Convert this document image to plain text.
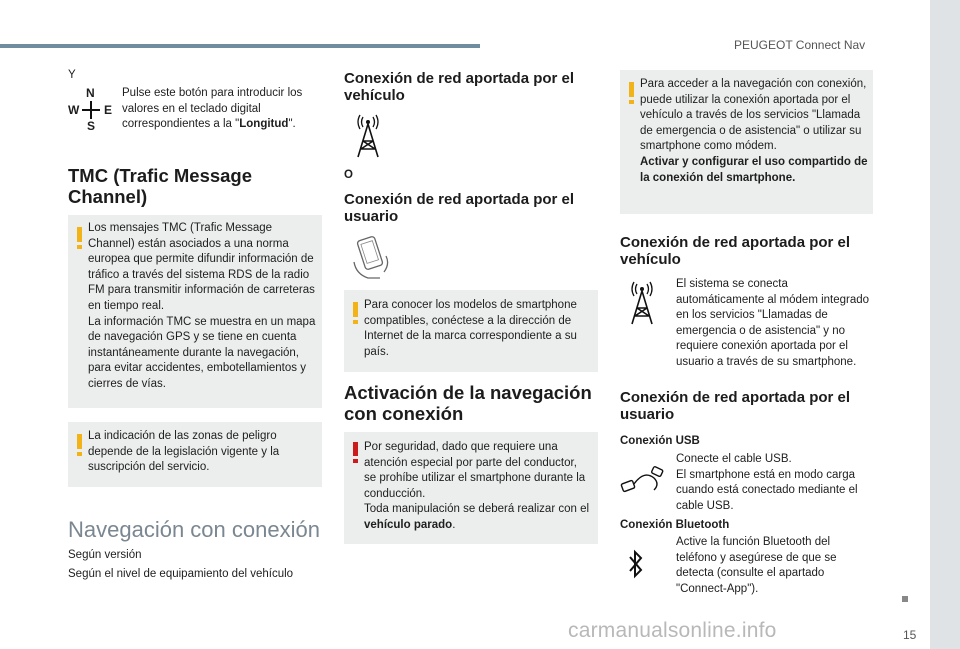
PEUGEOT Connect Nav
15
carmanualsonline.info
Y
N
S
W E
Pulse este botón para introducir los valores en el teclado digital correspondientes a la "Longitud".
TMC (Trafic Message
Channel)
Los mensajes TMC (Trafic Message Channel) están asociados a una norma europea que permite difundir información de tráfico a través del sistema RDS de la radio FM para transmitir información de carreteras en tiempo real.
La información TMC se muestra en un mapa de navegación GPS y se tiene en cuenta instantáneamente durante la navegación, para evitar accidentes, embotellamientos y cierres de vías.
La indicación de las zonas de peligro depende de la legislación vigente y la suscripción del servicio.
Navegación con conexión
Según versión
Según el nivel de equipamiento del vehículo
Conexión de red aportada por el
vehículo
O
Conexión de red aportada por el
usuario
Para conocer los modelos de smartphone compatibles, conéctese a la dirección de Internet de la marca correspondiente a su país.
Activación de la navegación
con conexión
Por seguridad, dado que requiere una atención especial por parte del conductor, se prohíbe utilizar el smartphone durante la conducción.
Toda manipulación se deberá realizar con el vehículo parado.
Para acceder a la navegación con conexión, puede utilizar la conexión aportada por el vehículo a través de los servicios "Llamada de emergencia o de asistencia" o utilizar su smartphone como módem.
Activar y configurar el uso compartido de la conexión del smartphone.
Conexión de red aportada por el
vehículo
El sistema se conecta automáticamente al módem integrado en los servicios "Llamadas de emergencia o de asistencia" y no requiere conexión aportada por el usuario a través de su smartphone.
Conexión de red aportada por el
usuario
Conexión USB
Conecte el cable USB.
El smartphone está en modo carga cuando está conectado mediante el cable USB.
Conexión Bluetooth
Active la función Bluetooth del teléfono y asegúrese de que se detecta (consulte el apartado "Connect-App").
